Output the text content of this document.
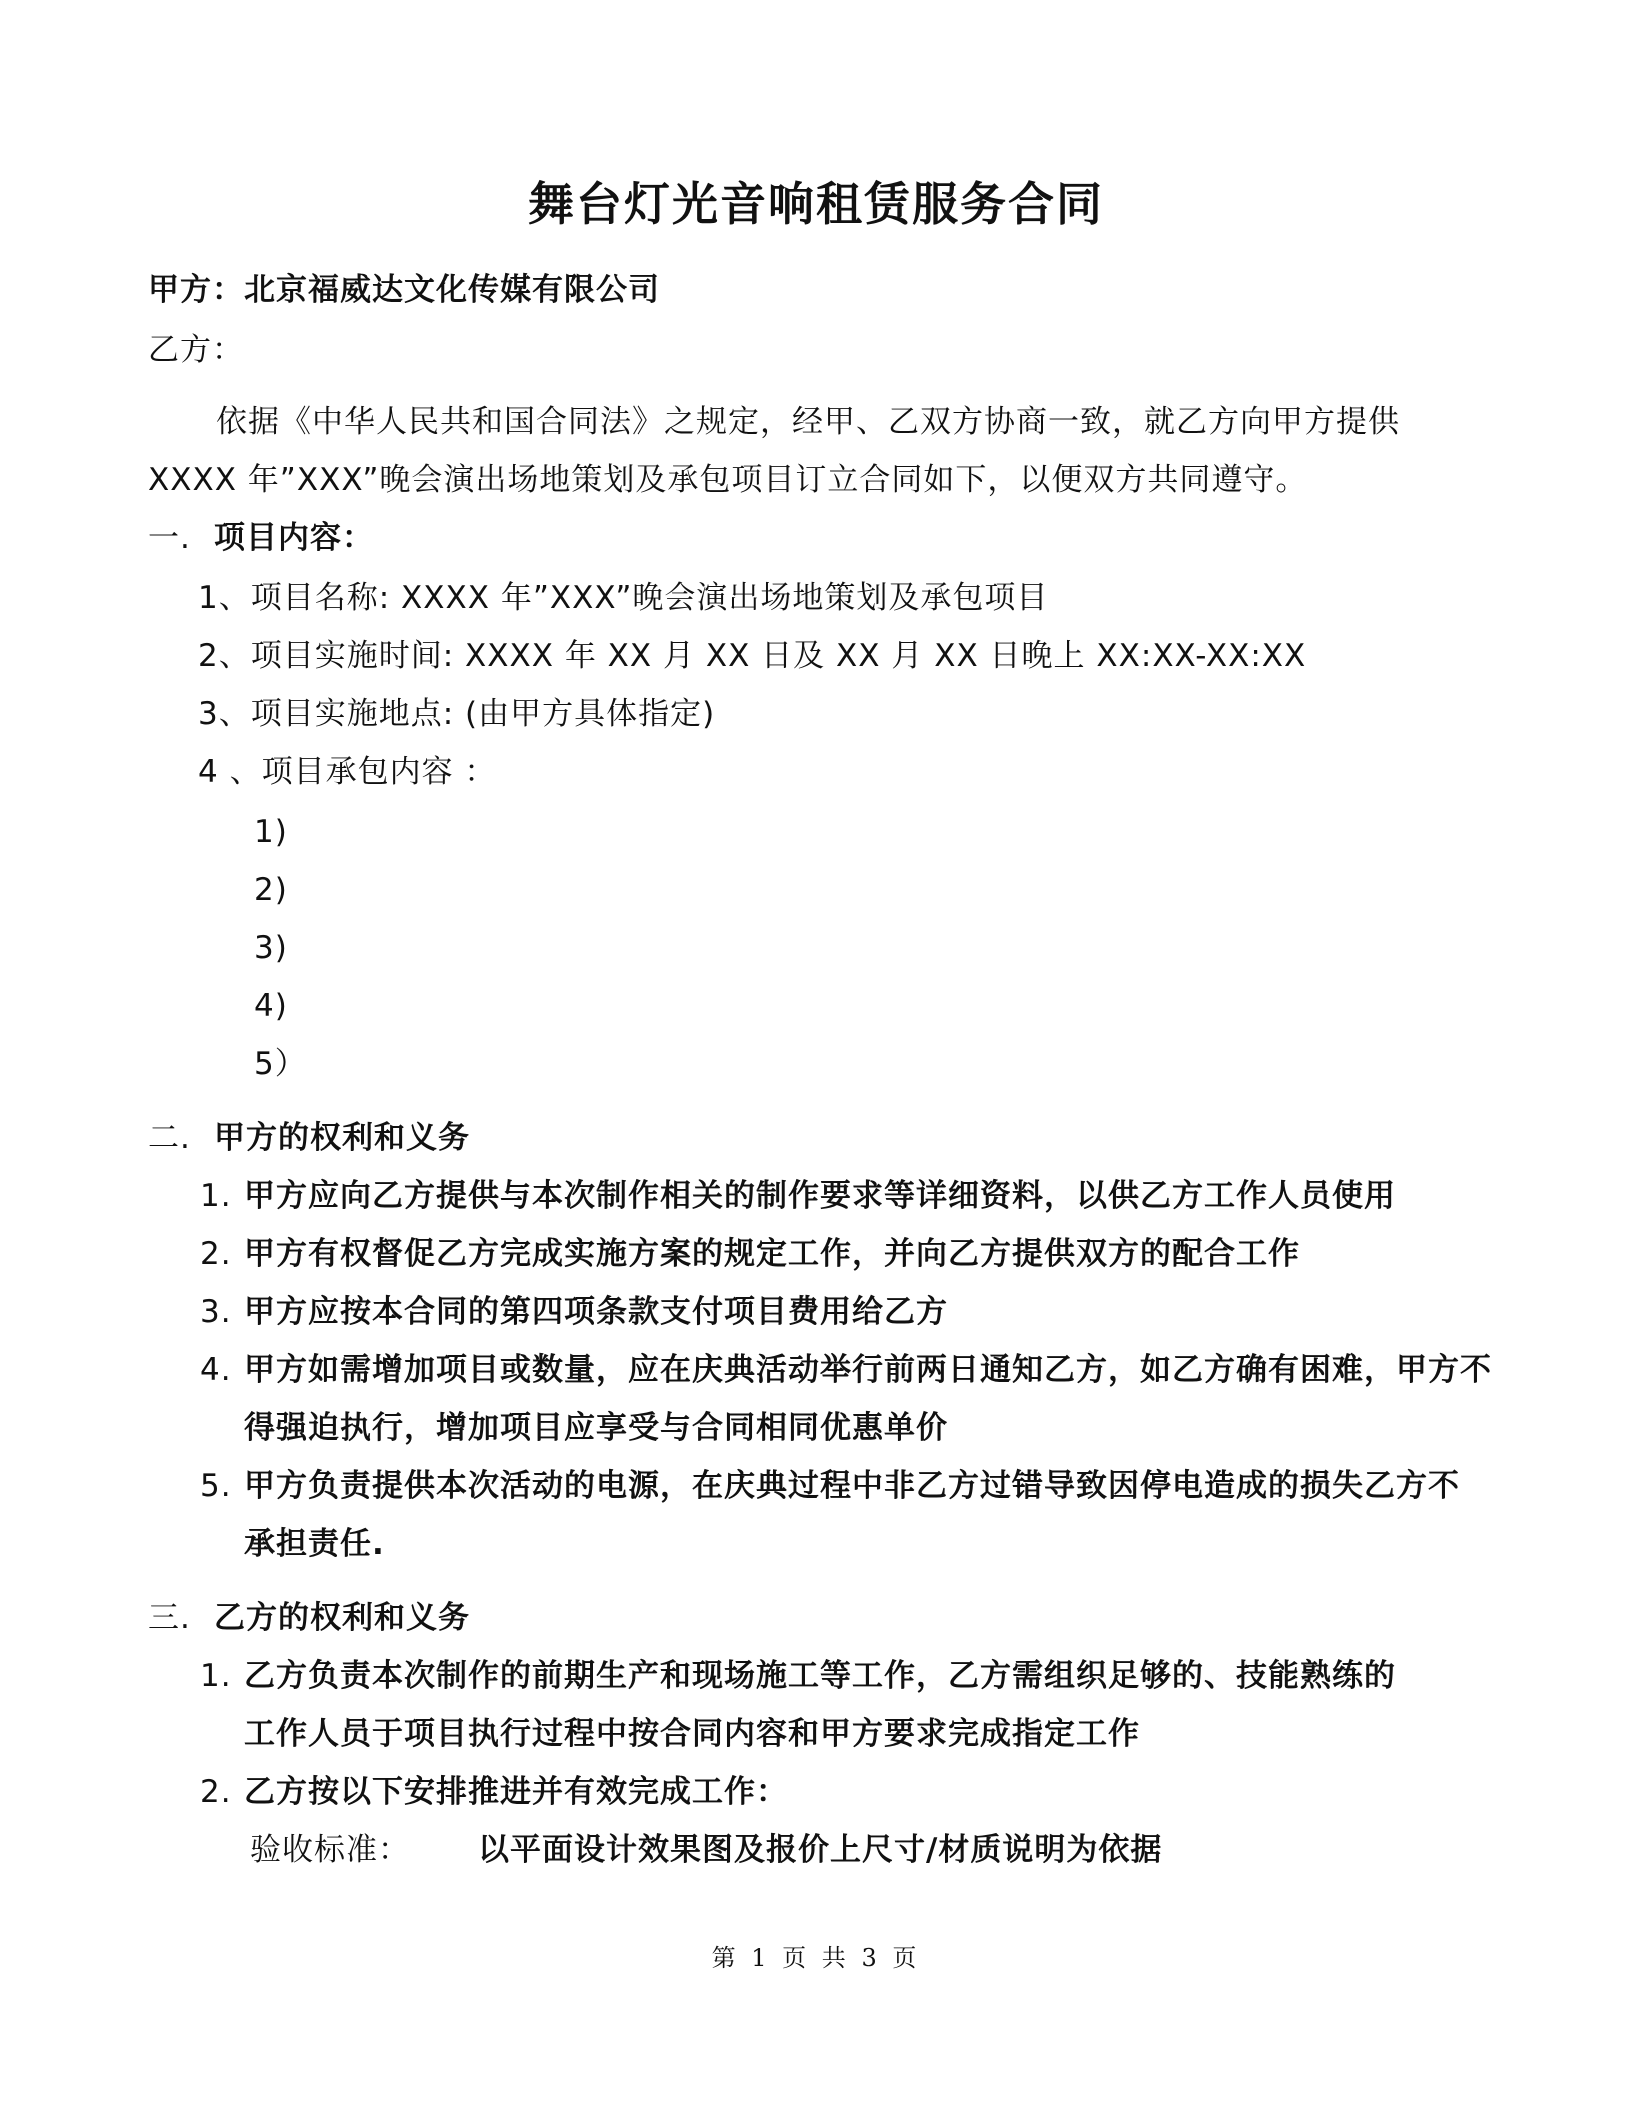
舞台灯光音响租赁服务合同
甲方：北京福威达文化传媒有限公司
乙方：
依据《中华人民共和国合同法》之规定，经甲、乙双方协商一致，就乙方向甲方提供
XXXX 年”XXX”晚会演出场地策划及承包项目订立合同如下，以便双方共同遵守。
一. 项目内容：
1、项目名称: XXXX 年”XXX”晚会演出场地策划及承包项目
2、项目实施时间: XXXX 年 XX 月 XX 日及 XX 月 XX 日晚上 XX:XX-XX:XX
3、项目实施地点: (由甲方具体指定)
4 、项目承包内容 ：
1)
2)
3)
4)
5）
二. 甲方的权利和义务
1. 甲方应向乙方提供与本次制作相关的制作要求等详细资料，以供乙方工作人员使用
2. 甲方有权督促乙方完成实施方案的规定工作，并向乙方提供双方的配合工作
3. 甲方应按本合同的第四项条款支付项目费用给乙方
4. 甲方如需增加项目或数量，应在庆典活动举行前两日通知乙方，如乙方确有困难，甲方不
得强迫执行，增加项目应享受与合同相同优惠单价
5. 甲方负责提供本次活动的电源，在庆典过程中非乙方过错导致因停电造成的损失乙方不
承担责任.
三. 乙方的权利和义务
1. 乙方负责本次制作的前期生产和现场施工等工作，乙方需组织足够的、技能熟练的
工作人员于项目执行过程中按合同内容和甲方要求完成指定工作
2. 乙方按以下安排推进并有效完成工作：
验收标准： 以平面设计效果图及报价上尺寸/材质说明为依据
第 1 页 共 3 页
